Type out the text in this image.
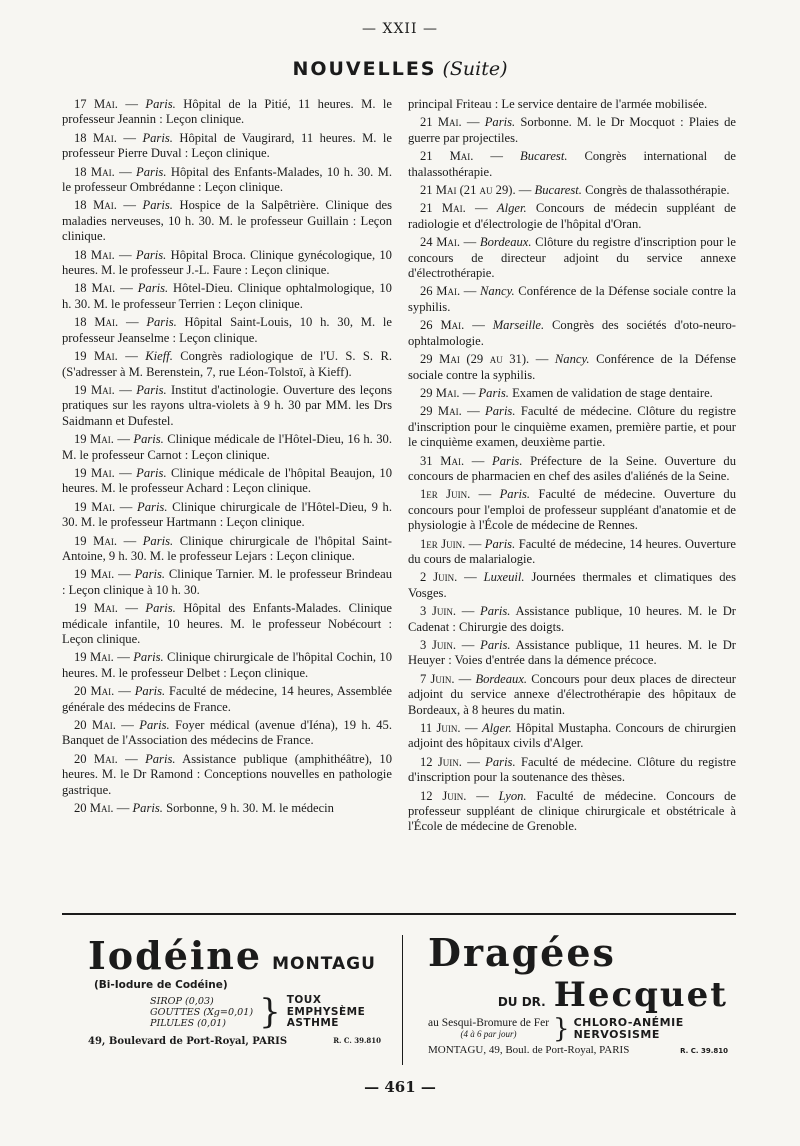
— XXII —
NOUVELLES (Suite)

17 Mai. — Paris. Hôpital de la Pitié, 11 heures. M. le professeur Jeannin : Leçon clinique.

18 Mai. — Paris. Hôpital de Vaugirard, 11 heures. M. le professeur Pierre Duval : Leçon clinique.

18 Mai. — Paris. Hôpital des Enfants-Malades, 10 h. 30. M. le professeur Ombrédanne : Leçon clinique.

18 Mai. — Paris. Hospice de la Salpêtrière. Clinique des maladies nerveuses, 10 h. 30. M. le professeur Guillain : Leçon clinique.

18 Mai. — Paris. Hôpital Broca. Clinique gynécologique, 10 heures. M. le professeur J.-L. Faure : Leçon clinique.

18 Mai. — Paris. Hôtel-Dieu. Clinique ophtalmologique, 10 h. 30. M. le professeur Terrien : Leçon clinique.

18 Mai. — Paris. Hôpital Saint-Louis, 10 h. 30, M. le professeur Jeanselme : Leçon clinique.

19 Mai. — Kieff. Congrès radiologique de l'U. S. S. R. (S'adresser à M. Berenstein, 7, rue Léon-Tolstoï, à Kieff).

19 Mai. — Paris. Institut d'actinologie. Ouverture des leçons pratiques sur les rayons ultra-violets à 9 h. 30 par MM. les Drs Saidmann et Dufestel.

19 Mai. — Paris. Clinique médicale de l'Hôtel-Dieu, 16 h. 30. M. le professeur Carnot : Leçon clinique.

19 Mai. — Paris. Clinique médicale de l'hôpital Beaujon, 10 heures. M. le professeur Achard : Leçon clinique.

19 Mai. — Paris. Clinique chirurgicale de l'Hôtel-Dieu, 9 h. 30. M. le professeur Hartmann : Leçon clinique.

19 Mai. — Paris. Clinique chirurgicale de l'hôpital Saint-Antoine, 9 h. 30. M. le professeur Lejars : Leçon clinique.

19 Mai. — Paris. Clinique Tarnier. M. le professeur Brindeau : Leçon clinique à 10 h. 30.

19 Mai. — Paris. Hôpital des Enfants-Malades. Clinique médicale infantile, 10 heures. M. le professeur Nobécourt : Leçon clinique.

19 Mai. — Paris. Clinique chirurgicale de l'hôpital Cochin, 10 heures. M. le professeur Delbet : Leçon clinique.

20 Mai. — Paris. Faculté de médecine, 14 heures, Assemblée générale des médecins de France.

20 Mai. — Paris. Foyer médical (avenue d'Iéna), 19 h. 45. Banquet de l'Association des médecins de France.

20 Mai. — Paris. Assistance publique (amphithéâtre), 10 heures. M. le Dr Ramond : Conceptions nouvelles en pathologie gastrique.

20 Mai. — Paris. Sorbonne, 9 h. 30. M. le médecin

principal Friteau : Le service dentaire de l'armée mobilisée.

21 Mai. — Paris. Sorbonne. M. le Dr Mocquot : Plaies de guerre par projectiles.

21 Mai. — Bucarest. Congrès international de thalassothérapie.

21 Mai (21 au 29). — Bucarest. Congrès de thalassothérapie.

21 Mai. — Alger. Concours de médecin suppléant de radiologie et d'électrologie de l'hôpital d'Oran.

24 Mai. — Bordeaux. Clôture du registre d'inscription pour le concours de directeur adjoint du service annexe d'électrothérapie.

26 Mai. — Nancy. Conférence de la Défense sociale contre la syphilis.

26 Mai. — Marseille. Congrès des sociétés d'oto-neuro-ophtalmologie.

29 Mai (29 au 31). — Nancy. Conférence de la Défense sociale contre la syphilis.

29 Mai. — Paris. Examen de validation de stage dentaire.

29 Mai. — Paris. Faculté de médecine. Clôture du registre d'inscription pour le cinquième examen, première partie, et pour le cinquième examen, deuxième partie.

31 Mai. — Paris. Préfecture de la Seine. Ouverture du concours de pharmacien en chef des asiles d'aliénés de la Seine.

1er Juin. — Paris. Faculté de médecine. Ouverture du concours pour l'emploi de professeur suppléant d'anatomie et de physiologie à l'École de médecine de Rennes.

1er Juin. — Paris. Faculté de médecine, 14 heures. Ouverture du cours de malarialogie.

2 Juin. — Luxeuil. Journées thermales et climatiques des Vosges.

3 Juin. — Paris. Assistance publique, 10 heures. M. le Dr Cadenat : Chirurgie des doigts.

3 Juin. — Paris. Assistance publique, 11 heures. M. le Dr Heuyer : Voies d'entrée dans la démence précoce.

7 Juin. — Bordeaux. Concours pour deux places de directeur adjoint du service annexe d'électrothérapie des hôpitaux de Bordeaux, à 8 heures du matin.

11 Juin. — Alger. Hôpital Mustapha. Concours de chirurgien adjoint des hôpitaux civils d'Alger.

12 Juin. — Paris. Faculté de médecine. Clôture du registre d'inscription pour la soutenance des thèses.

12 Juin. — Lyon. Faculté de médecine. Concours de professeur suppléant de clinique chirurgicale et obstétricale à l'École de médecine de Grenoble.

Iodéine MONTAGU
(Bi-Iodure de Codéine)
SIROP (0,03)
GOUTTES (Xg=0,01)
PILULES (0,01) } TOUX
EMPHYSÈME
ASTHME
49, Boulevard de Port-Royal, PARIS	R. C. 39.810
Dragées
DU DR. Hecquet
au Sesqui-Bromure de Fer
(4 à 6 par jour)	} CHLORO-ANÉMIE
NERVOSISME
MONTAGU, 49, Boul. de Port-Royal, PARIS	R. C. 39.810
— 461 —
